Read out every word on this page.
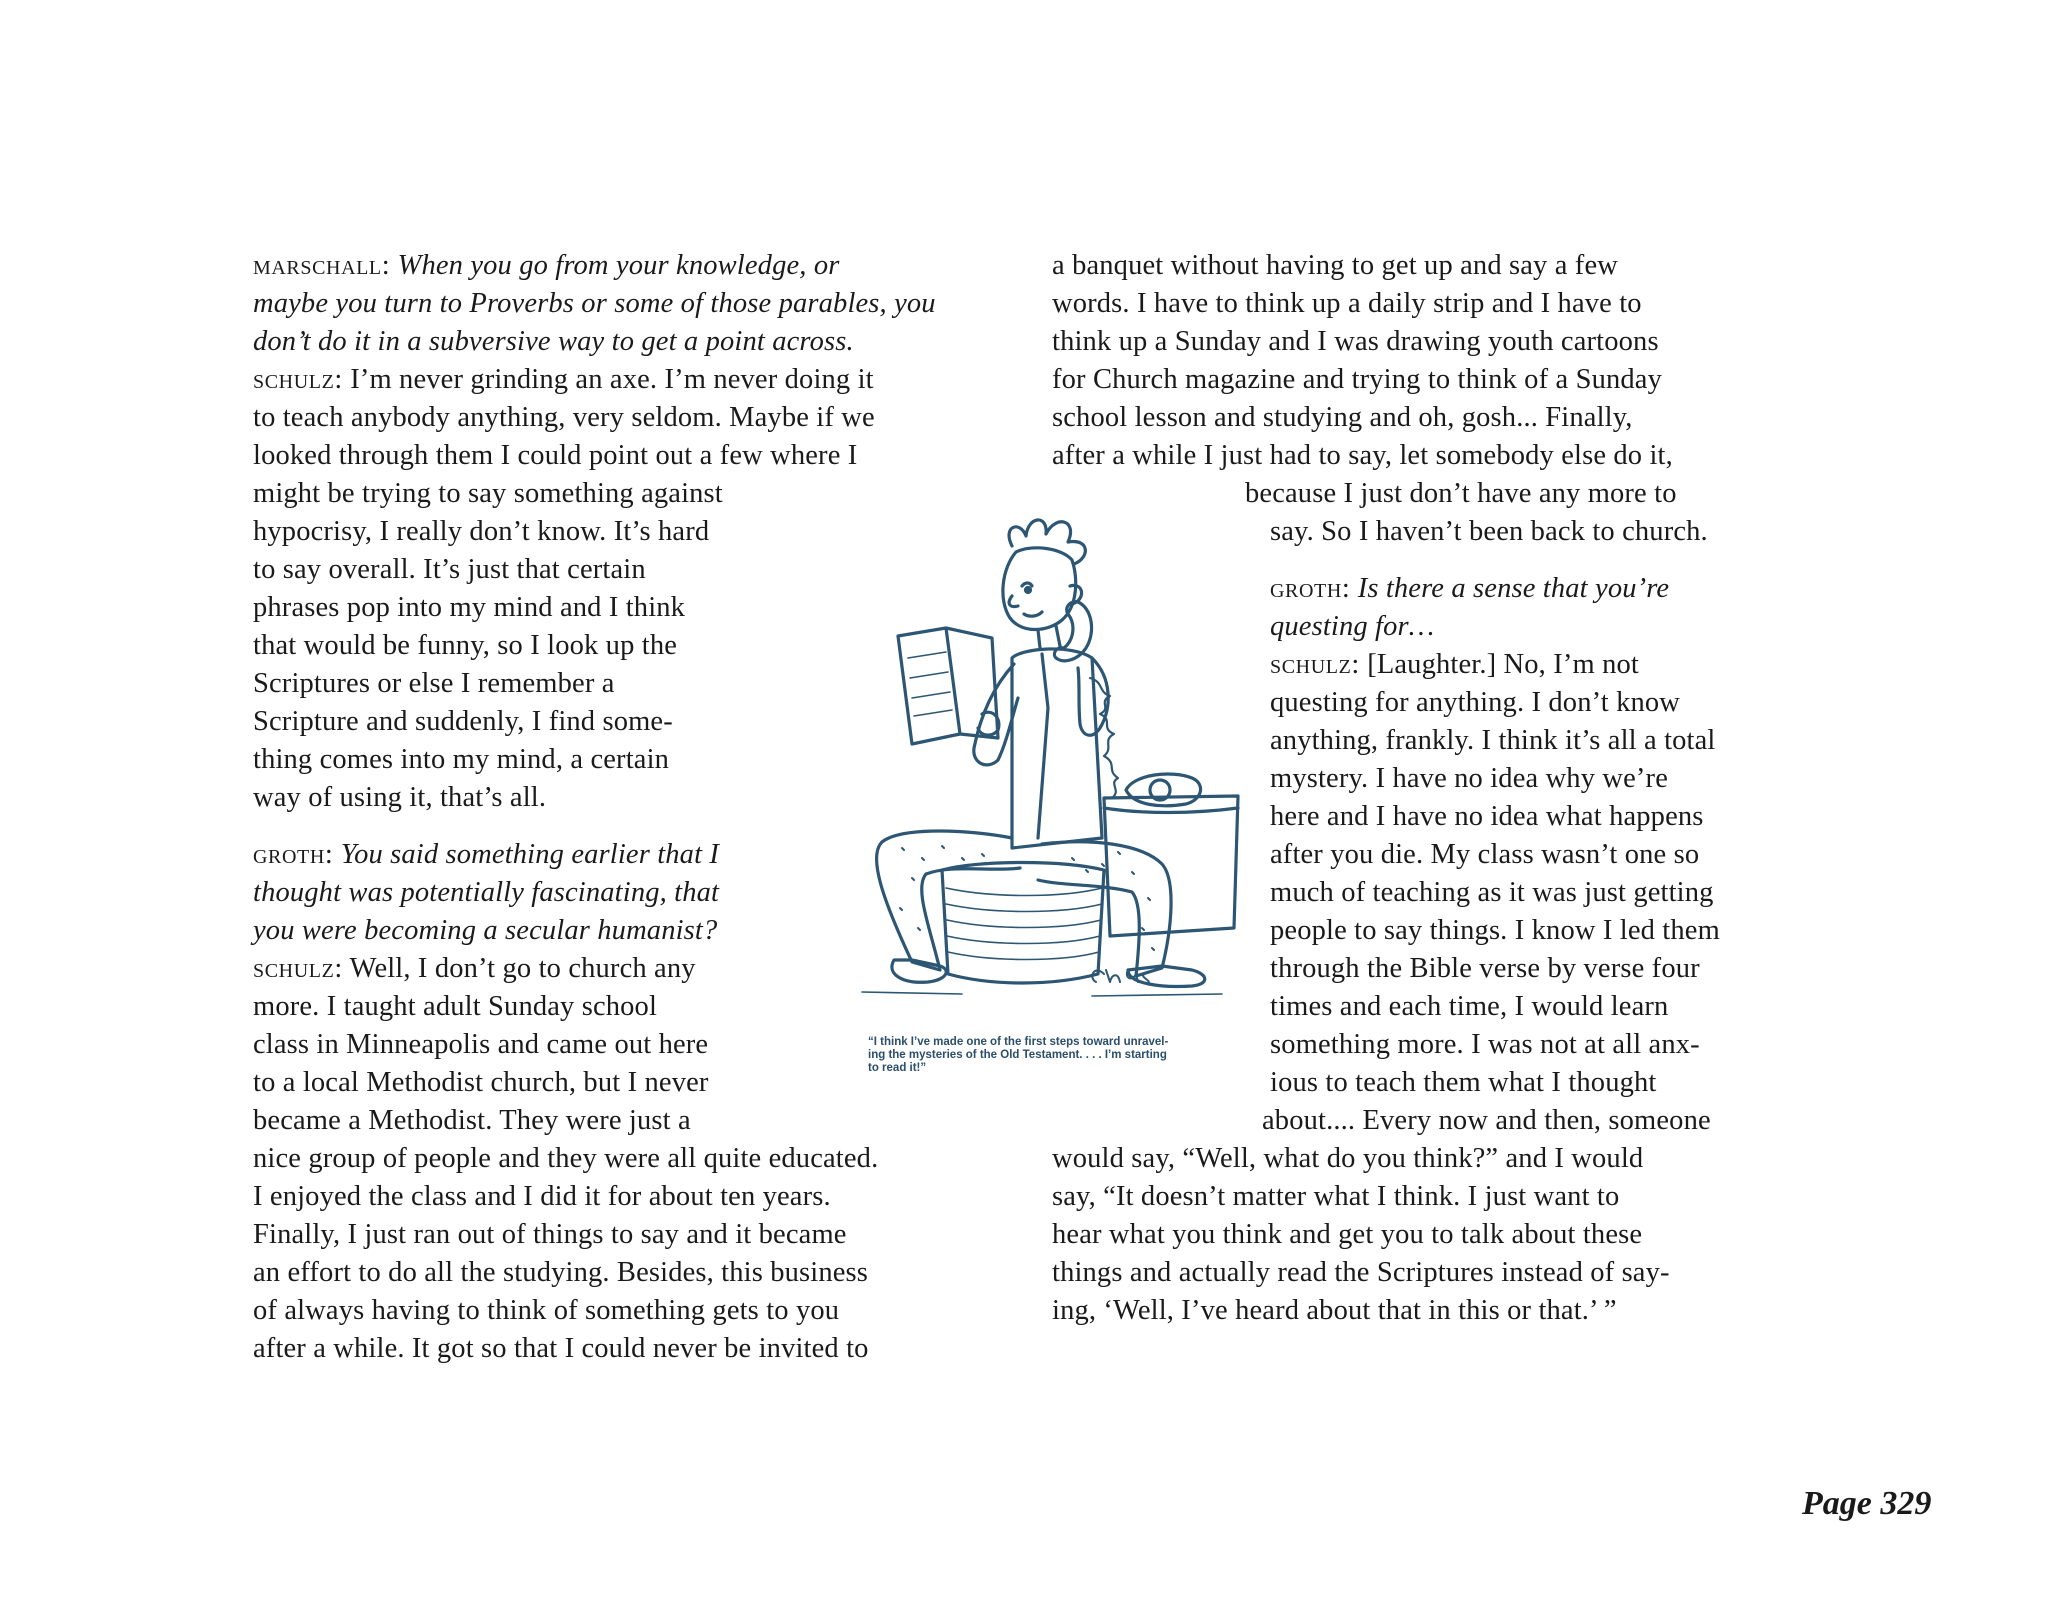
marschall: When you go from your knowledge, or
maybe you turn to Proverbs or some of those parables, you
don’t do it in a subversive way to get a point across.
schulz: I’m never grinding an axe. I’m never doing it
to teach anybody anything, very seldom. Maybe if we
looked through them I could point out a few where I
might be trying to say something against
hypocrisy, I really don’t know. It’s hard
to say overall. It’s just that certain
phrases pop into my mind and I think
that would be funny, so I look up the
Scriptures or else I remember a
Scripture and suddenly, I find some-
thing comes into my mind, a certain
way of using it, that’s all.
groth: You said something earlier that I
thought was potentially fascinating, that
you were becoming a secular humanist?
schulz: Well, I don’t go to church any
more. I taught adult Sunday school
class in Minneapolis and came out here
to a local Methodist church, but I never
became a Methodist. They were just a
nice group of people and they were all quite educated.
I enjoyed the class and I did it for about ten years.
Finally, I just ran out of things to say and it became
an effort to do all the studying. Besides, this business
of always having to think of something gets to you
after a while. It got so that I could never be invited to
a banquet without having to get up and say a few
words. I have to think up a daily strip and I have to
think up a Sunday and I was drawing youth cartoons
for Church magazine and trying to think of a Sunday
school lesson and studying and oh, gosh... Finally,
after a while I just had to say, let somebody else do it,
because I just don’t have any more to
say. So I haven’t been back to church.
groth: Is there a sense that you’re
questing for…
schulz: [Laughter.] No, I’m not
questing for anything. I don’t know
anything, frankly. I think it’s all a total
mystery. I have no idea why we’re
here and I have no idea what happens
after you die. My class wasn’t one so
much of teaching as it was just getting
people to say things. I know I led them
through the Bible verse by verse four
times and each time, I would learn
something more. I was not at all anx-
ious to teach them what I thought
about.... Every now and then, someone
would say, “Well, what do you think?” and I would
say, “It doesn’t matter what I think. I just want to
hear what you think and get you to talk about these
things and actually read the Scriptures instead of say-
ing, ‘Well, I’ve heard about that in this or that.’ ”
“I think I’ve made one of the first steps toward unravel-
ing the mysteries of the Old Testament. . . . I’m starting
to read it!”
Page 329
